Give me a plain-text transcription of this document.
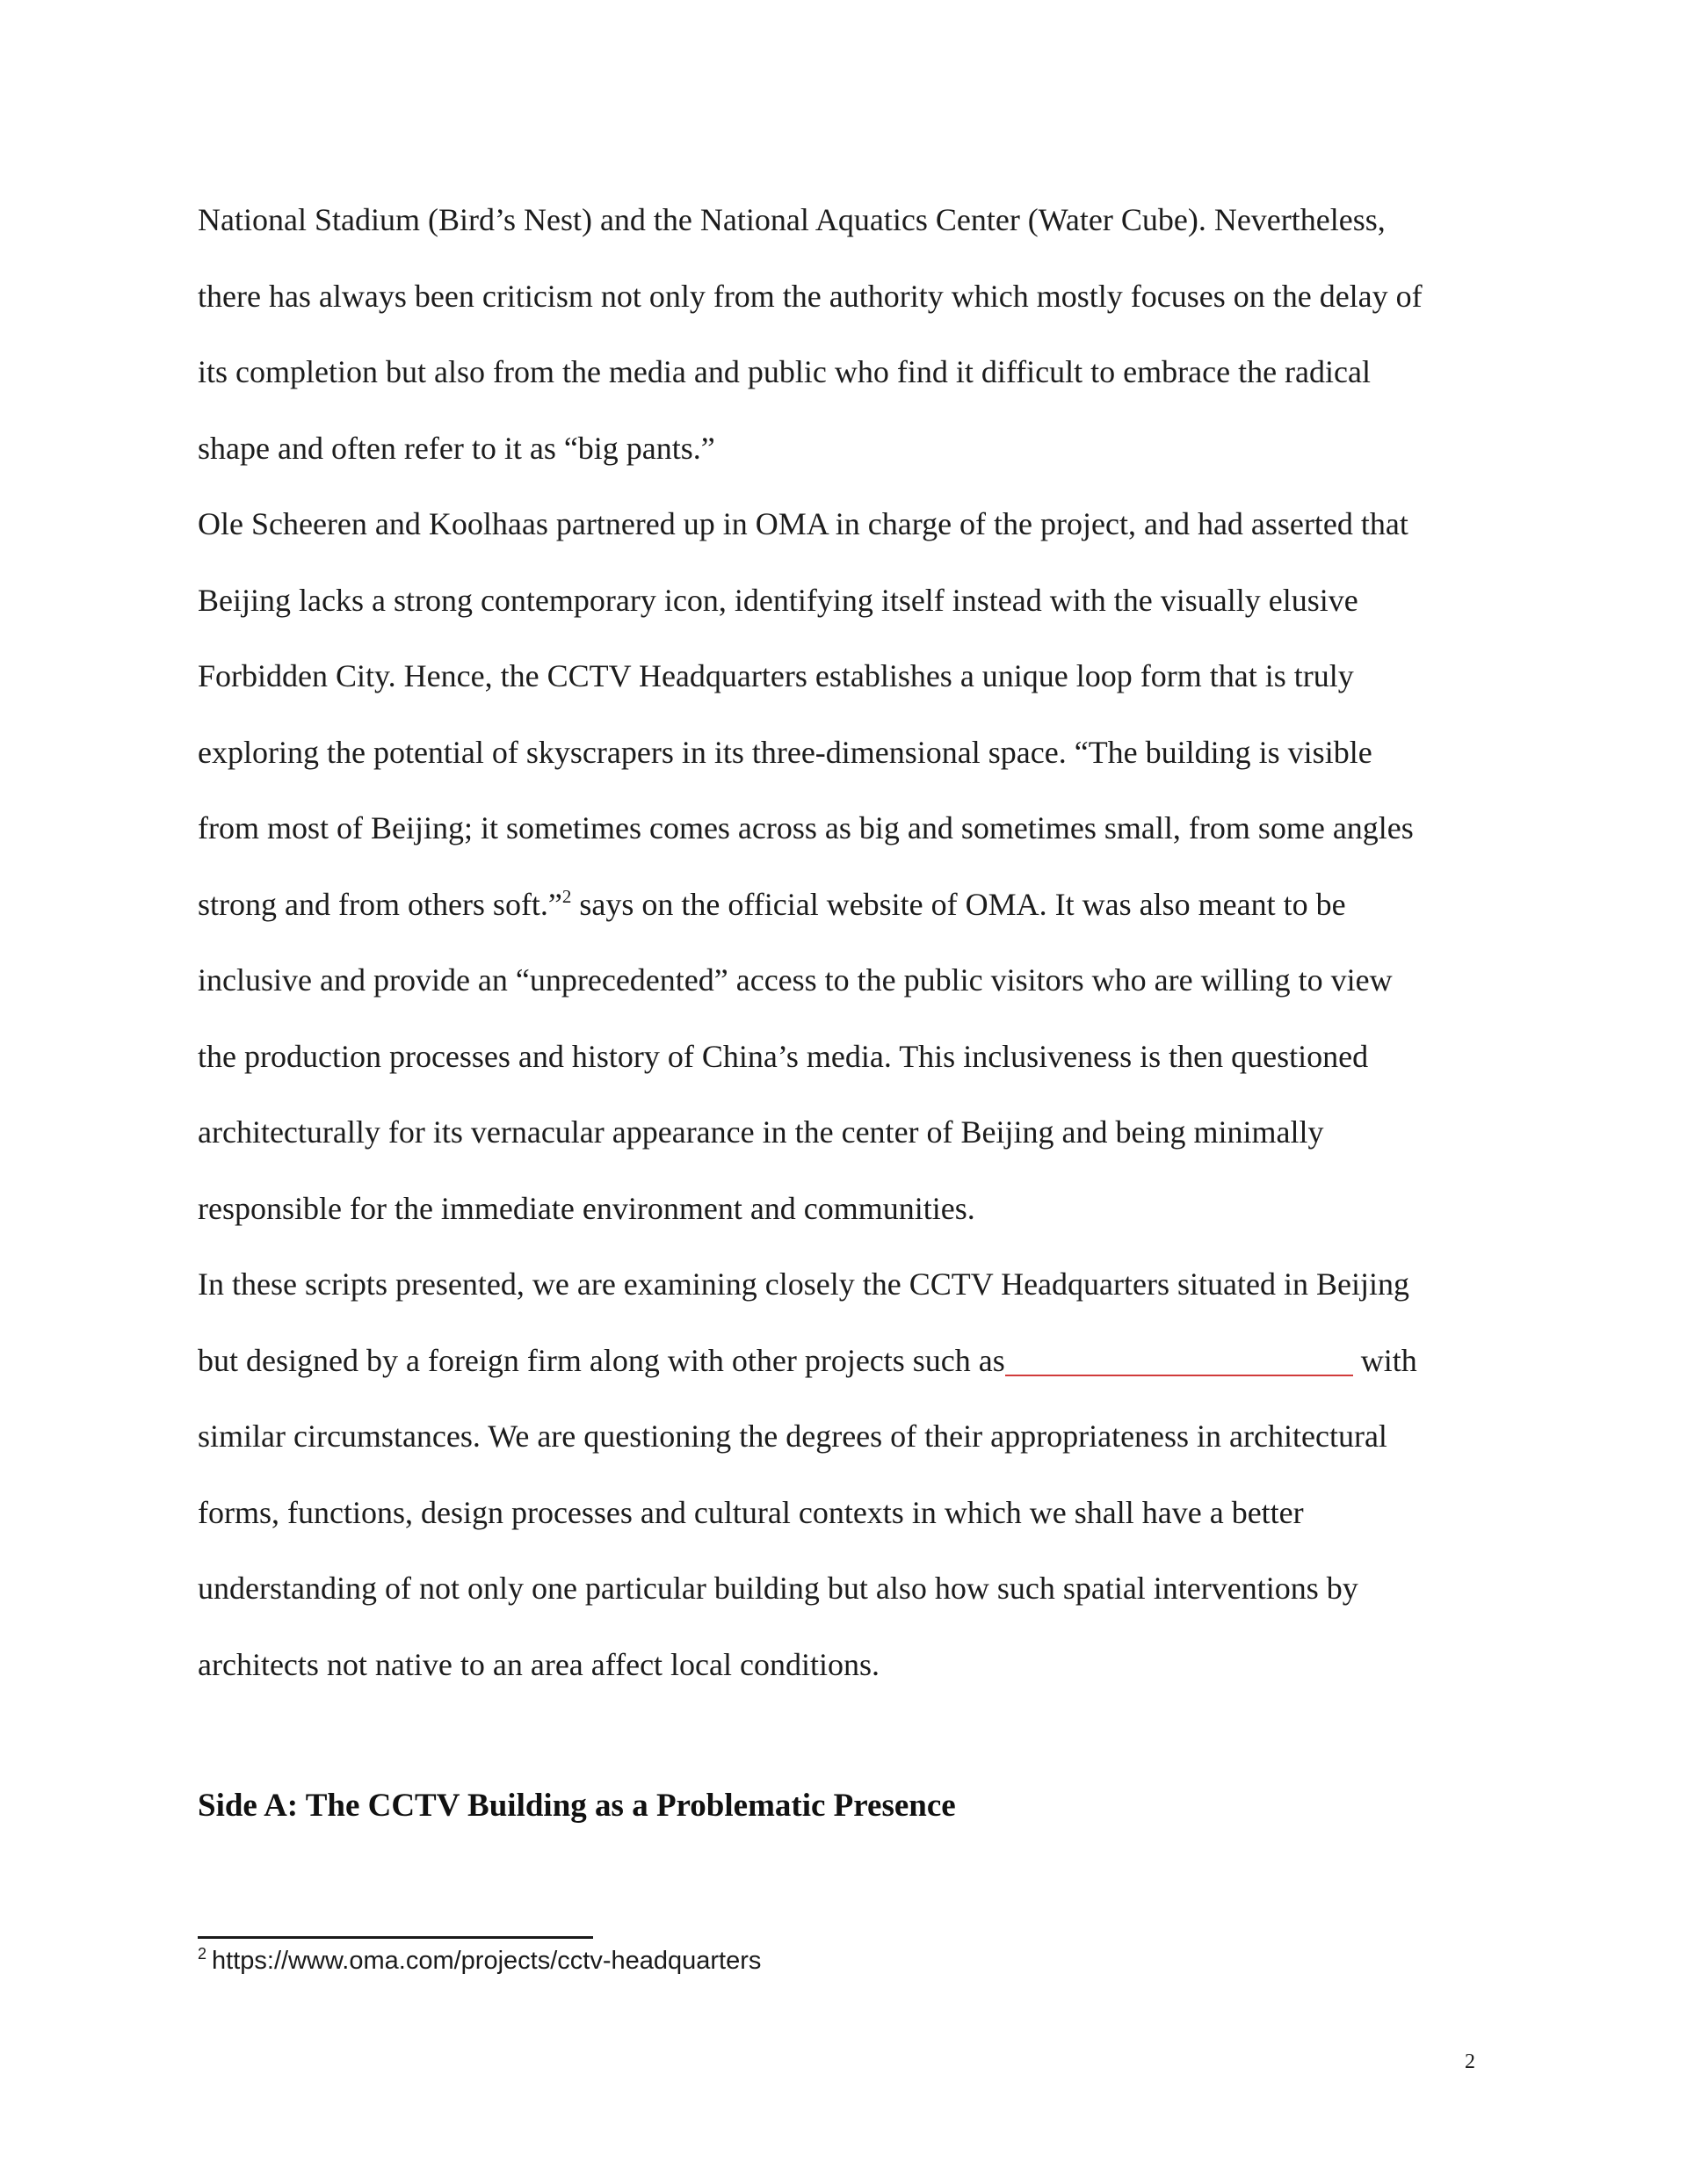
National Stadium (Bird’s Nest) and the National Aquatics Center (Water Cube). Nevertheless,
there has always been criticism not only from the authority which mostly focuses on the delay of
its completion but also from the media and public who find it difficult to embrace the radical
shape and often refer to it as “big pants.”
Ole Scheeren and Koolhaas partnered up in OMA in charge of the project, and had asserted that
Beijing lacks a strong contemporary icon, identifying itself instead with the visually elusive
Forbidden City. Hence, the CCTV Headquarters establishes a unique loop form that is truly
exploring the potential of skyscrapers in its three-dimensional space. “The building is visible
from most of Beijing; it sometimes comes across as big and sometimes small, from some angles
strong and from others soft.”$^2$ says on the official website of OMA. It was also meant to be
inclusive and provide an “unprecedented” access to the public visitors who are willing to view
the production processes and history of China’s media. This inclusiveness is then questioned
architecturally for its vernacular appearance in the center of Beijing and being minimally
responsible for the immediate environment and communities.
In these scripts presented, we are examining closely the CCTV Headquarters situated in Beijing
but designed by a foreign firm along with other projects such as	with
similar circumstances. We are questioning the degrees of their appropriateness in architectural
forms, functions, design processes and cultural contexts in which we shall have a better
understanding of not only one particular building but also how such spatial interventions by
architects not native to an area affect local conditions.
Side A: The CCTV Building as a Problematic Presence
$^2$ https://www.oma.com/projects/cctv-headquarters
2
